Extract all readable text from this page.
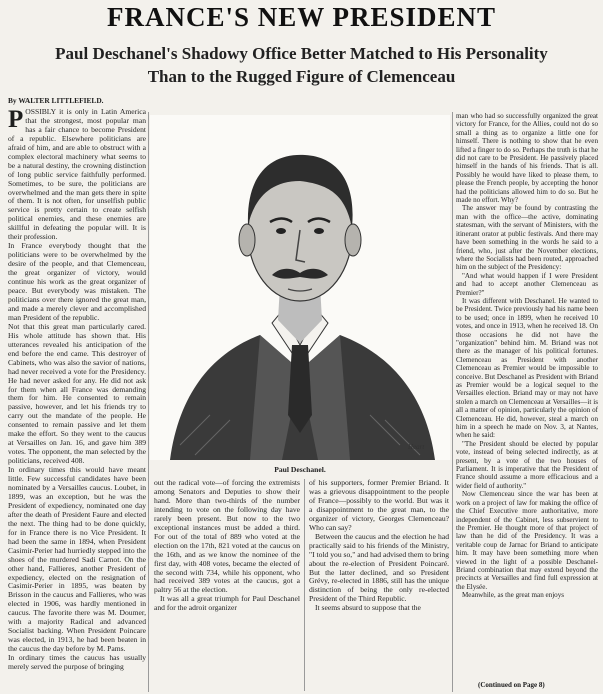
FRANCE'S NEW PRESIDENT
Paul Deschanel's Shadowy Office Better Matched to His Personality
Than to the Rugged Figure of Clemenceau

By WALTER LITTLEFIELD.

POSSIBLY it is only in Latin America that the strongest, most popular man has a fair chance to become President of a republic. Elsewhere politicians are afraid of him, and are able to obstruct with a complex electoral machinery what seems to be a natural destiny, the crowning distinction of long public service faithfully performed. Sometimes, to be sure, the politicians are overwhelmed and the man gets there in spite of them. It is not often, for unselfish public service is pretty certain to create selfish political enemies, and these enemies are skillful in defeating the popular will. It is their profession.

In France everybody thought that the politicians were to be overwhelmed by the desire of the people, and that Clemenceau, the great organizer of victory, would continue his work as the great organizer of peace. But everybody was mistaken. The politicians over there ignored the great man, and made a merely clever and accomplished man President of the republic.

Not that this great man particularly cared. His whole attitude has shown that. His utterances revealed his anticipation of the end before the end came. This destroyer of Cabinets, who was also the savior of nations, had never received a vote for the Presidency. He had never asked for any. He did not ask for them when all France was demanding them for him. He consented to remain passive, however, and let his friends try to carry out the mandate of the people. He consented to remain passive and let them make the effort. So they went to the caucus at Versailles on Jan. 16, and gave him 389 votes. The opponent, the man selected by the politicians, received 408.

In ordinary times this would have meant little. Few successful candidates have been nominated by a Versailles caucus. Loubet, in 1899, was an exception, but he was the President of expediency, nominated one day after the death of President Faure and elected the next. The thing had to be done quickly, for in France there is no Vice President. It had been the same in 1894, when President Casimir-Perier had hurriedly stepped into the shoes of the murdered Sadi Carnot. On the other hand, Fallieres, another President of expediency, elected on the resignation of Casimir-Perier in 1895, was beaten by Brisson in the caucus and Fallieres, who was elected in 1906, was hardly mentioned in caucus. The favorite there was M. Doumer, with a majority Radical and advanced Socialist backing. When President Poincare was elected, in 1913, he had been beaten in the caucus the day before by M. Pams.

In ordinary times the caucus has usually merely served the purpose of bringing

Heart
Paul Deschanel.

out the radical vote—of forcing the extremists among Senators and Deputies to show their hand. More than two-thirds of the number intending to vote on the following day have rarely been present. But now to the two exceptional instances must be added a third. For out of the total of 889 who voted at the election on the 17th, 821 voted at the caucus on the 16th, and as we know the nominee of the first day, with 408 votes, became the elected of the second with 734, while his opponent, who had received 389 votes at the caucus, got a paltry 56 at the election.

It was all a great triumph for Paul Deschanel and for the adroit organizer

of his supporters, former Premier Briand. It was a grievous disappointment to the people of France—possibly to the world. But was it a disappointment to the great man, to the organizer of victory, Georges Clemenceau? Who can say?

Between the caucus and the election he had practically said to his friends of the Ministry, "I told you so," and had advised them to bring about the re-election of President Poincaré. But the latter declined, and so President Grévy, re-elected in 1886, still has the unique distinction of being the only re-elected President of the Third Republic.

It seems absurd to suppose that the

man who had so successfully organized the great victory for France, for the Allies, could not do so small a thing as to organize a little one for himself. There is nothing to show that he even lifted a finger to do so. Perhaps the truth is that he did not care to be President. He passively placed himself in the hands of his friends. That is all. Possibly he would have liked to please them, to please the French people, by accepting the honor had the politicians allowed him to do so. But he made no effort. Why?

The answer may be found by contrasting the man with the office—the active, dominating statesman, with the servant of Ministers, with the itinerant orator at public festivals. And there may have been something in the words he said to a friend, who, just after the November elections, where the Socialists had been routed, approached him on the subject of the Presidency:

"And what would happen if I were President and had to accept another Clemenceau as Premier?"

It was different with Deschanel. He wanted to be President. Twice previously had his name been to be used; once in 1899, when he received 10 votes, and once in 1913, when he received 18. On those occasions he did not have the "organization" behind him. M. Briand was not there as the manager of his political fortunes. Clemenceau as President with another Clemenceau as Premier would be impossible to conceive. But Deschanel as President with Briand as Premier would be a logical sequel to the Versailles election. Briand may or may not have stolen a march on Clemenceau at Versailles—it is all a matter of opinion, particularly the opinion of Clemenceau. He did, however, steal a march on him in a speech he made on Nov. 3, at Nantes, when he said:

"The President should be elected by popular vote, instead of being selected indirectly, as at present, by a vote of the two houses of Parliament. It is imperative that the President of France should assume a more efficacious and a wider field of authority."

Now Clemenceau since the war has been at work on a project of law for making the office of the Chief Executive more authoritative, more independent of the Cabinet, less subservient to the Premier. He thought more of that project of law than he did of the Presidency. It was a veritable coup de Jarnac for Briand to anticipate him. It may have been something more when viewed in the light of a possible Deschanel-Briand combination that may extend beyond the precincts at Versailles and find full expression at the Elysée.

Meanwhile, as the great man enjoys

(Continued on Page 8)
